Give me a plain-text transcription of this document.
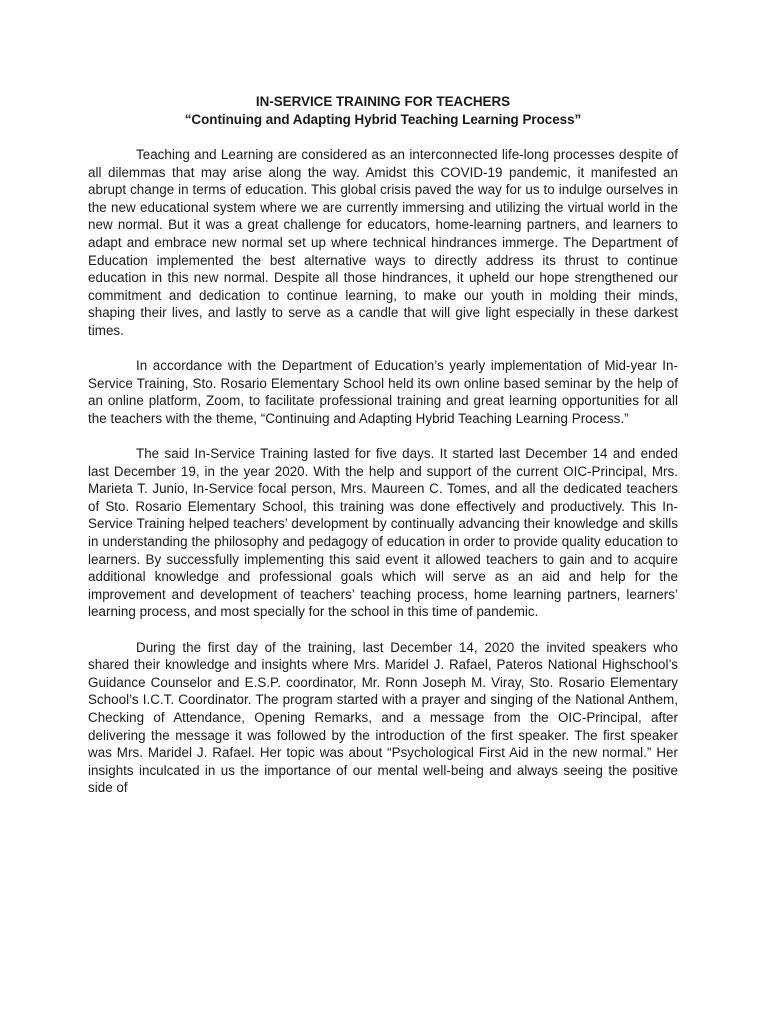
IN-SERVICE TRAINING FOR TEACHERS

“Continuing and Adapting Hybrid Teaching Learning Process”

Teaching and Learning are considered as an interconnected life-long processes despite of all dilemmas that may arise along the way. Amidst this COVID-19 pandemic, it manifested an abrupt change in terms of education. This global crisis paved the way for us to indulge ourselves in the new educational system where we are currently immersing and utilizing the virtual world in the new normal. But it was a great challenge for educators, home-learning partners, and learners to adapt and embrace new normal set up where technical hindrances immerge. The Department of Education implemented the best alternative ways to directly address its thrust to continue education in this new normal. Despite all those hindrances, it upheld our hope strengthened our commitment and dedication to continue learning, to make our youth in molding their minds, shaping their lives, and lastly to serve as a candle that will give light especially in these darkest times.

In accordance with the Department of Education’s yearly implementation of Mid-year In-Service Training, Sto. Rosario Elementary School held its own online based seminar by the help of an online platform, Zoom, to facilitate professional training and great learning opportunities for all the teachers with the theme, “Continuing and Adapting Hybrid Teaching Learning Process.”

The said In-Service Training lasted for five days. It started last December 14 and ended last December 19, in the year 2020. With the help and support of the current OIC-Principal, Mrs. Marieta T. Junio, In-Service focal person, Mrs. Maureen C. Tomes, and all the dedicated teachers of Sto. Rosario Elementary School, this training was done effectively and productively. This In-Service Training helped teachers’ development by continually advancing their knowledge and skills in understanding the philosophy and pedagogy of education in order to provide quality education to learners. By successfully implementing this said event it allowed teachers to gain and to acquire additional knowledge and professional goals which will serve as an aid and help for the improvement and development of teachers’ teaching process, home learning partners, learners’ learning process, and most specially for the school in this time of pandemic.

During the first day of the training, last December 14, 2020 the invited speakers who shared their knowledge and insights where Mrs. Maridel J. Rafael, Pateros National Highschool’s Guidance Counselor and E.S.P. coordinator, Mr. Ronn Joseph M. Viray, Sto. Rosario Elementary School’s I.C.T. Coordinator. The program started with a prayer and singing of the National Anthem, Checking of Attendance, Opening Remarks, and a message from the OIC-Principal, after delivering the message it was followed by the introduction of the first speaker. The first speaker was Mrs. Maridel J. Rafael. Her topic was about “Psychological First Aid in the new normal.” Her insights inculcated in us the importance of our mental well-being and always seeing the positive side of
